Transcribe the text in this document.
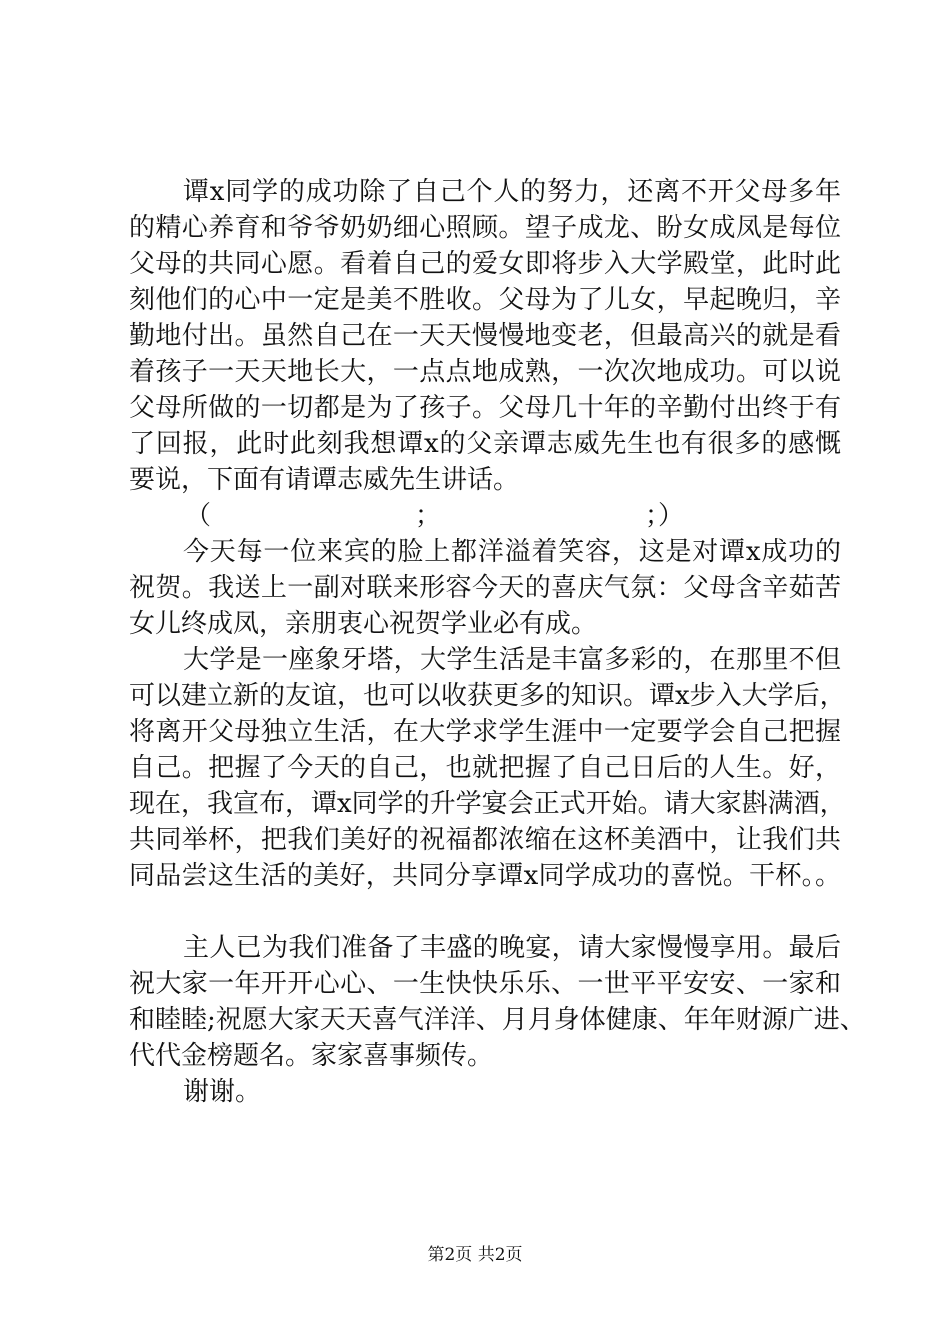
谭x同学的成功除了自己个人的努力，还离不开父母多年
的精心养育和爷爷奶奶细心照顾。望子成龙、盼女成凤是每位
父母的共同心愿。看着自己的爱女即将步入大学殿堂，此时此
刻他们的心中一定是美不胜收。父母为了儿女，早起晚归，辛
勤地付出。虽然自己在一天天慢慢地变老，但最高兴的就是看
着孩子一天天地长大，一点点地成熟，一次次地成功。可以说
父母所做的一切都是为了孩子。父母几十年的辛勤付出终于有
了回报，此时此刻我想谭x的父亲谭志威先生也有很多的感慨
要说，下面有请谭志威先生讲话。
（	；	；）
今天每一位来宾的脸上都洋溢着笑容，这是对谭x成功的
祝贺。我送上一副对联来形容今天的喜庆气氛：父母含辛茹苦
女儿终成凤，亲朋衷心祝贺学业必有成。
大学是一座象牙塔，大学生活是丰富多彩的，在那里不但
可以建立新的友谊，也可以收获更多的知识。谭x步入大学后，
将离开父母独立生活，在大学求学生涯中一定要学会自己把握
自己。把握了今天的自己，也就把握了自己日后的人生。好，
现在，我宣布，谭x同学的升学宴会正式开始。请大家斟满酒，
共同举杯，把我们美好的祝福都浓缩在这杯美酒中，让我们共
同品尝这生活的美好，共同分享谭x同学成功的喜悦。干杯。。
主人已为我们准备了丰盛的晚宴，请大家慢慢享用。最后
祝大家一年开开心心、一生快快乐乐、一世平平安安、一家和
和睦睦;祝愿大家天天喜气洋洋、月月身体健康、年年财源广进、
代代金榜题名。家家喜事频传。
谢谢。
第2页 共2页
